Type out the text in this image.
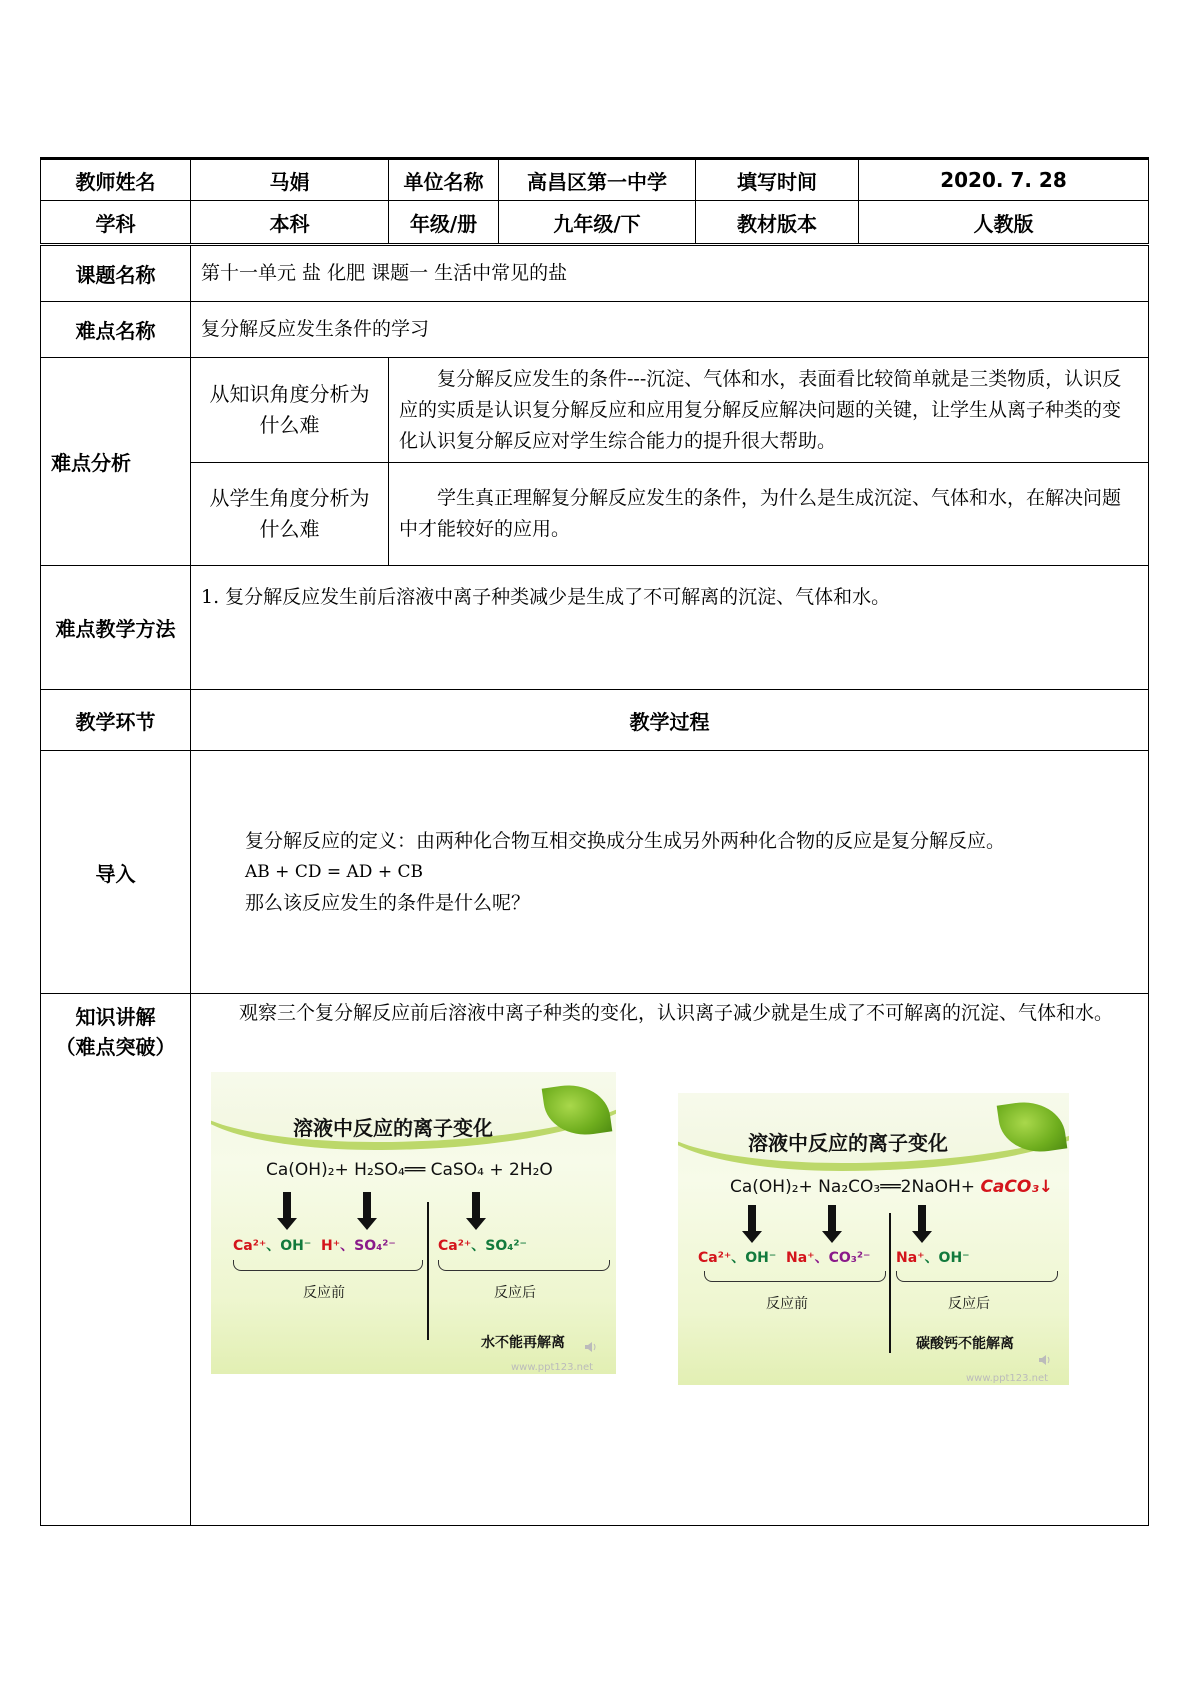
教师姓名	马娟	单位名称	高昌区第一中学	填写时间	2020. 7. 28
学科	本科	年级/册	九年级/下	教材版本	人教版
课题名称	第十一单元 盐 化肥 课题一 生活中常见的盐				
难点名称	复分解反应发生条件的学习				
难点分析	从知识角度分析为什么难	复分解反应发生的条件---沉淀、气体和水，表面看比较简单就是三类物质，认识反应的实质是认识复分解反应和应用复分解反应解决问题的关键，让学生从离子种类的变化认识复分解反应对学生综合能力的提升很大帮助。			
	从学生角度分析为什么难	学生真正理解复分解反应发生的条件，为什么是生成沉淀、气体和水，在解决问题中才能较好的应用。			
难点教学方法	1. 复分解反应发生前后溶液中离子种类减少是生成了不可解离的沉淀、气体和水。				
教学环节	教学过程				
导入	复分解反应的定义：由两种化合物互相交换成分生成另外两种化合物的反应是复分解反应。
AB + CD = AD + CB
那么该反应发生的条件是什么呢？				

知识讲解
（难点突破）	观察三个复分解反应前后溶液中离子种类的变化，认识离子减少就是生成了不可解离的沉淀、气体和水。				
溶液中反应的离子变化
Ca(OH)₂+ H₂SO₄══ CaSO₄ + 2H₂O
Ca²⁺、OH⁻ H⁺、SO₄²⁻	Ca²⁺、SO₄²⁻
反应前	反应后
水不能再解离
www.ppt123.net
溶液中反应的离子变化
Ca(OH)₂+ Na₂CO₃══2NaOH+ CaCO₃↓
Ca²⁺、OH⁻ Na⁺、CO₃²⁻ Na⁺、OH⁻
反应前	反应后
碳酸钙不能解离
www.ppt123.net
